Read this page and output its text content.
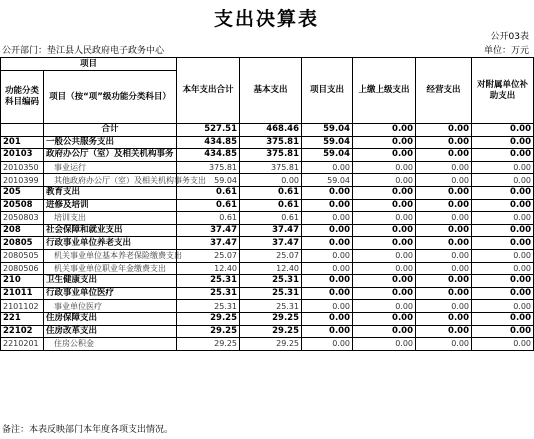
支出决算表
公开03表
公开部门：垫江县人民政府电子政务中心	单位：万元
项目		本年支出合计	基本支出	项目支出	上缴上级支出	经营支出	对附属单位补助支出
功能分类科目编码	项目（按“项”级功能分类科目）						
	合计	527.51	468.46	59.04	0.00	0.00	0.00
201	一般公共服务支出	434.85	375.81	59.04	0.00	0.00	0.00
20103	政府办公厅（室）及相关机构事务	434.85	375.81	59.04	0.00	0.00	0.00
2010350	事业运行	375.81	375.81	0.00	0.00	0.00	0.00
2010399	其他政府办公厅（室）及相关机构事务支出	59.04	0.00	59.04	0.00	0.00	0.00
205	教育支出	0.61	0.61	0.00	0.00	0.00	0.00
20508	进修及培训	0.61	0.61	0.00	0.00	0.00	0.00
2050803	培训支出	0.61	0.61	0.00	0.00	0.00	0.00
208	社会保障和就业支出	37.47	37.47	0.00	0.00	0.00	0.00
20805	行政事业单位养老支出	37.47	37.47	0.00	0.00	0.00	0.00
2080505	机关事业单位基本养老保险缴费支出	25.07	25.07	0.00	0.00	0.00	0.00
2080506	机关事业单位职业年金缴费支出	12.40	12.40	0.00	0.00	0.00	0.00
210	卫生健康支出	25.31	25.31	0.00	0.00	0.00	0.00
21011	行政事业单位医疗	25.31	25.31	0.00	0.00	0.00	0.00
2101102	事业单位医疗	25.31	25.31	0.00	0.00	0.00	0.00
221	住房保障支出	29.25	29.25	0.00	0.00	0.00	0.00
22102	住房改革支出	29.25	29.25	0.00	0.00	0.00	0.00
2210201	住房公积金	29.25	29.25	0.00	0.00	0.00	0.00
备注：本表反映部门本年度各项支出情况。
